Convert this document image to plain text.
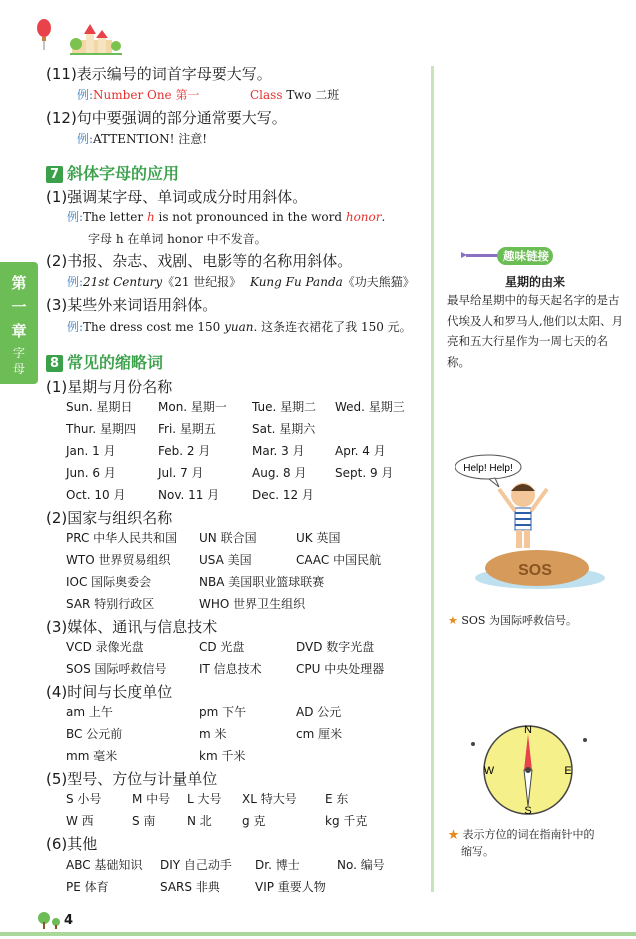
第
一
章
字
母
(11)表示编号的词首字母要大写。
例:Number One 第一	Class Two 二班
(12)句中要强调的部分通常要大写。
例:ATTENTION! 注意!
7 斜体字母的应用
(1)强调某字母、单词或成分时用斜体。
例:The letter h is not pronounced in the word honor.
字母 h 在单词 honor 中不发音。
(2)书报、杂志、戏剧、电影等的名称用斜体。
例:21st Century《21 世纪报》 Kung Fu Panda《功夫熊猫》
(3)某些外来词语用斜体。
例:The dress cost me 150 yuan. 这条连衣裙花了我 150 元。
8 常见的缩略词
(1)星期与月份名称
Sun. 星期日 Mon. 星期一 Tue. 星期二 Wed. 星期三
Thur. 星期四 Fri. 星期五	Sat. 星期六
Jan. 1 月	Feb. 2 月	Mar. 3 月	Apr. 4 月
Jun. 6 月	Jul. 7 月	Aug. 8 月 Sept. 9 月
Oct. 10 月	Nov. 11 月	Dec. 12 月
(2)国家与组织名称
PRC 中华人民共和国 UN 联合国	UK 英国
WTO 世界贸易组织 USA 美国	CAAC 中国民航
IOC 国际奥委会	NBA 美国职业篮球联赛
SAR 特别行政区	WHO 世界卫生组织
(3)媒体、通讯与信息技术
VCD 录像光盘	CD 光盘	DVD 数字光盘
SOS 国际呼救信号	IT 信息技术	CPU 中央处理器
(4)时间与长度单位
am 上午	pm 下午	AD 公元
BC 公元前	m 米	cm 厘米
mm 毫米	km 千米
(5)型号、方位与计量单位
S 小号	M 中号 L 大号 XL 特大号 E 东
W 西	S 南	N 北	g 克	kg 千克
(6)其他
ABC 基础知识 DIY 自己动手 Dr. 博士	No. 编号
PE 体育	SARS 非典	VIP 重要人物
趣味链接
星期的由来
最早给星期中的每天起名字的是古代埃及人和罗马人,他们以太阳、月亮和五大行星作为一周七天的名称。
Help! Help!
SOS
★ SOS 为国际呼救信号。
N
S
E
W
★ 表示方位的词在指南针中的
缩写。
4
